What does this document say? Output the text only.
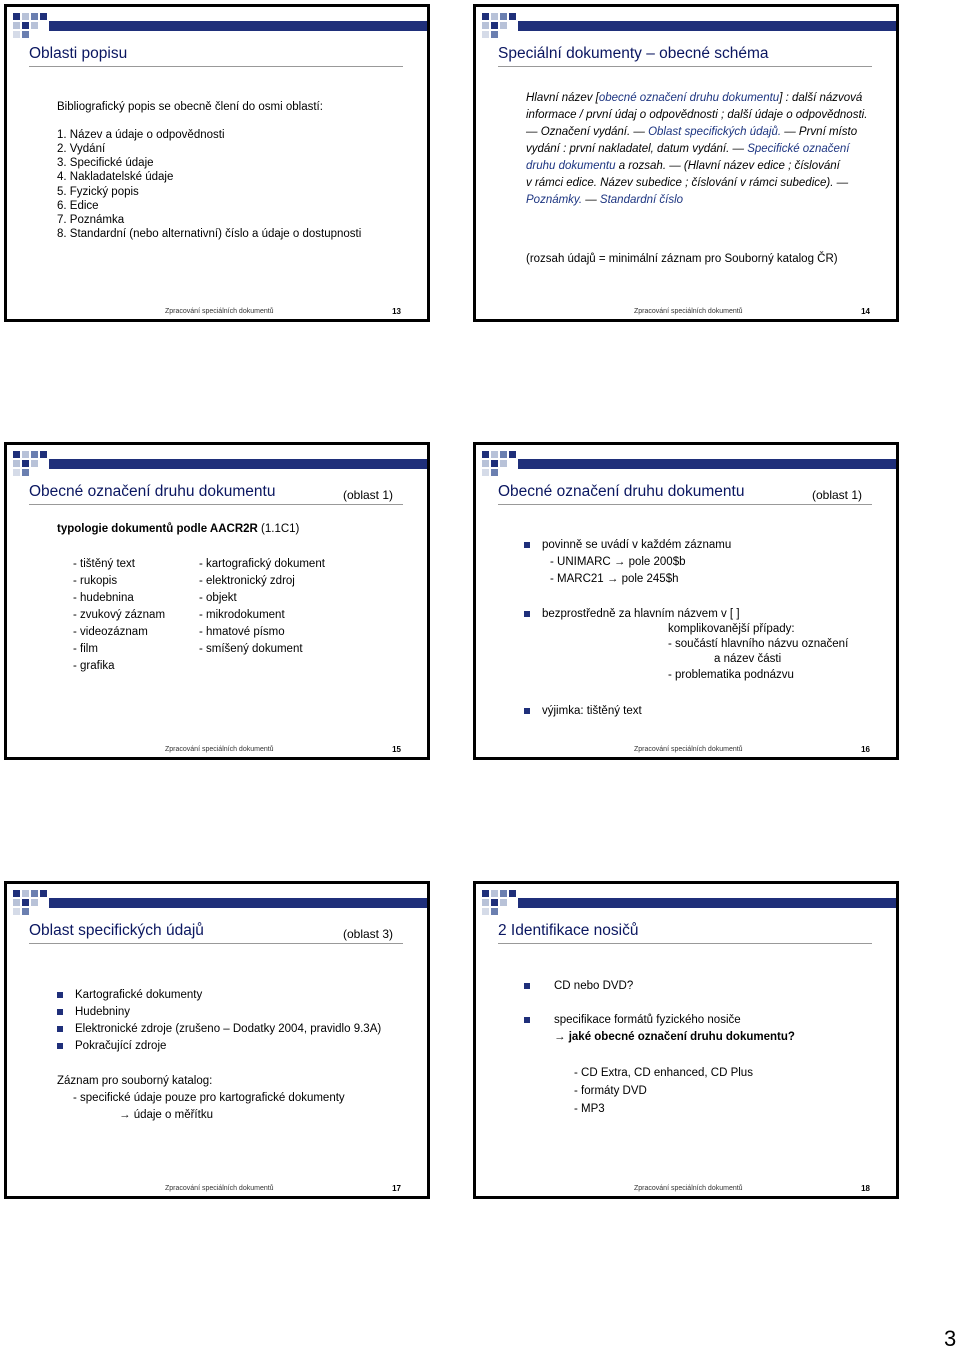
Oblasti popisu
Bibliografický popis se obecně člení do osmi oblastí:
1. Název a údaje o odpovědnosti
2. Vydání
3. Specifické údaje
4. Nakladatelské údaje
5. Fyzický popis
6. Edice
7. Poznámka
8. Standardní (nebo alternativní) číslo a údaje o dostupnosti
Zpracování speciálních dokumentů	13
Speciální dokumenty – obecné schéma
Hlavní název [obecné označení druhu dokumentu] : další názvová
informace / první údaj o odpovědnosti ; další údaje o odpovědnosti.
— Označení vydání. — Oblast specifických údajů. — První místo
vydání : první nakladatel, datum vydání. — Specifické označení
druhu dokumentu a rozsah. — (Hlavní název edice ; číslování
v rámci edice. Název subedice ; číslování v rámci subedice). —
Poznámky. — Standardní číslo
(rozsah údajů = minimální záznam pro Souborný katalog ČR)
Zpracování speciálních dokumentů	14
Obecné označení druhu dokumentu	(oblast 1)
typologie dokumentů podle AACR2R (1.1C1)
- tištěný text
- rukopis
- hudebnina
- zvukový záznam
- videozáznam
- film
- grafika
- kartografický dokument
- elektronický zdroj
- objekt
- mikrodokument
- hmatové písmo
- smíšený dokument
Zpracování speciálních dokumentů	15
Obecné označení druhu dokumentu	(oblast 1)
povinně se uvádí v každém záznamu
- UNIMARC → pole 200$b
- MARC21 → pole 245$h
bezprostředně za hlavním názvem v [ ]
komplikovanější případy:
- součástí hlavního názvu označení
a název části
- problematika podnázvu
výjimka: tištěný text
Zpracování speciálních dokumentů	16
Oblast specifických údajů	(oblast 3)
Kartografické dokumenty
Hudebniny
Elektronické zdroje (zrušeno – Dodatky 2004, pravidlo 9.3A)
Pokračující zdroje
Záznam pro souborný katalog:
- specifické údaje pouze pro kartografické dokumenty
→ údaje o měřítku
Zpracování speciálních dokumentů	17
2 Identifikace nosičů
CD nebo DVD?
specifikace formátů fyzického nosiče
→ jaké obecné označení druhu dokumentu?
- CD Extra, CD enhanced, CD Plus
- formáty DVD
- MP3
Zpracování speciálních dokumentů	18
3
